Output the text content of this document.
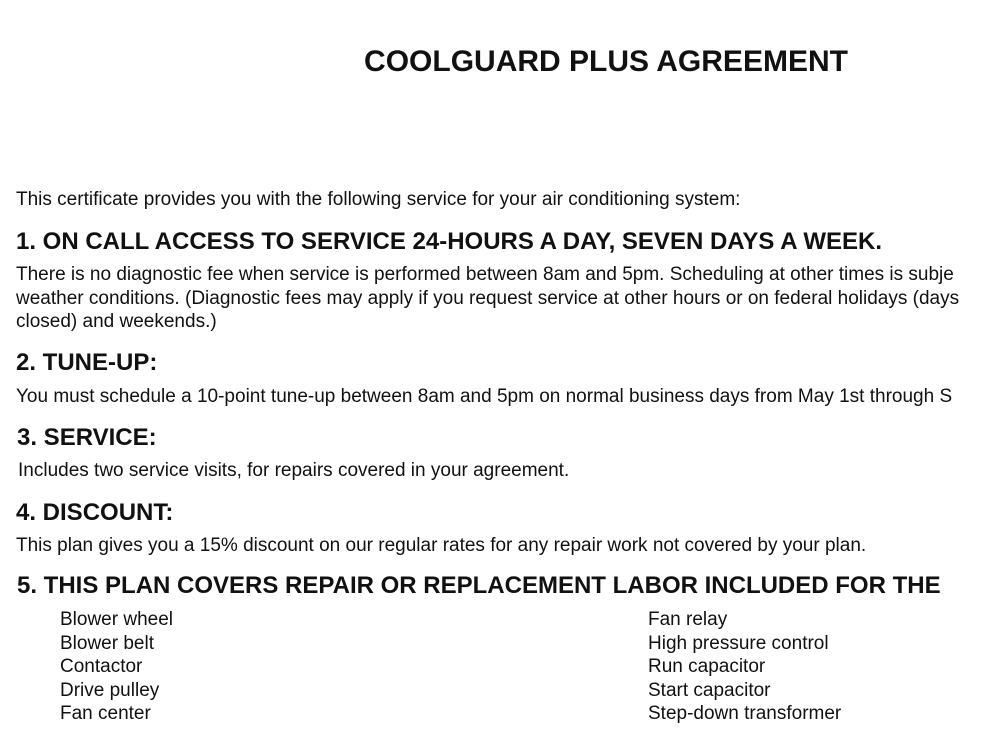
COOLGUARD PLUS AGREEMENT
This certificate provides you with the following service for your air conditioning system:
1. ON CALL ACCESS TO SERVICE 24-HOURS A DAY, SEVEN DAYS A WEEK.
There is no diagnostic fee when service is performed between 8am and 5pm. Scheduling at other times is subje
weather conditions. (Diagnostic fees may apply if you request service at other hours or on federal holidays (days
closed) and weekends.)
2. TUNE-UP:
You must schedule a 10-point tune-up between 8am and 5pm on normal business days from May 1st through S
3. SERVICE:
Includes two service visits, for repairs covered in your agreement.
4. DISCOUNT:
This plan gives you a 15% discount on our regular rates for any repair work not covered by your plan.
5. THIS PLAN COVERS REPAIR OR REPLACEMENT LABOR INCLUDED FOR THE
Blower wheel
Blower belt
Contactor
Drive pulley
Fan center
Fan relay
High pressure control
Run capacitor
Start capacitor
Step-down transformer
